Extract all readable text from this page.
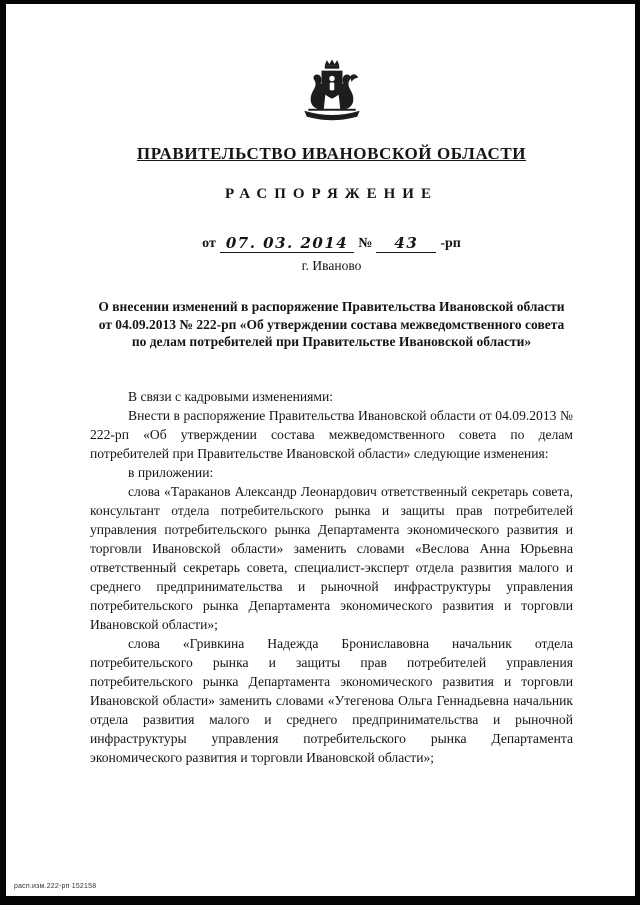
ПРАВИТЕЛЬСТВО ИВАНОВСКОЙ ОБЛАСТИ
РАСПОРЯЖЕНИЕ
от 07. 03. 2014 №	43	-рп
г. Иваново
О внесении изменений в распоряжение Правительства Ивановской области от 04.09.2013 № 222-рп «Об утверждении состава межведомственного совета по делам потребителей при Правительстве Ивановской области»

В связи с кадровыми изменениями:

Внести в распоряжение Правительства Ивановской области от 04.09.2013 № 222-рп «Об утверждении состава межведомственного совета по делам потребителей при Правительстве Ивановской области» следующие изменения:

в приложении:

слова «Тараканов Александр Леонардович ответственный секретарь совета, консультант отдела потребительского рынка и защиты прав потребителей управления потребительского рынка Департамента экономического развития и торговли Ивановской области» заменить словами «Веслова Анна Юрьевна ответственный секретарь совета, специалист-эксперт отдела развития малого и среднего предпринимательства и рыночной инфраструктуры управления потребительского рынка Департамента экономического развития и торговли Ивановской области»;

слова «Гривкина Надежда Брониславовна начальник отдела потребительского рынка и защиты прав потребителей управления потребительского рынка Департамента экономического развития и торговли Ивановской области» заменить словами «Утегенова Ольга Геннадьевна начальник отдела развития малого и среднего предпринимательства и рыночной инфраструктуры управления потребительского рынка Департамента экономического развития и торговли Ивановской области»;

расп.изм.222-рп 152158
